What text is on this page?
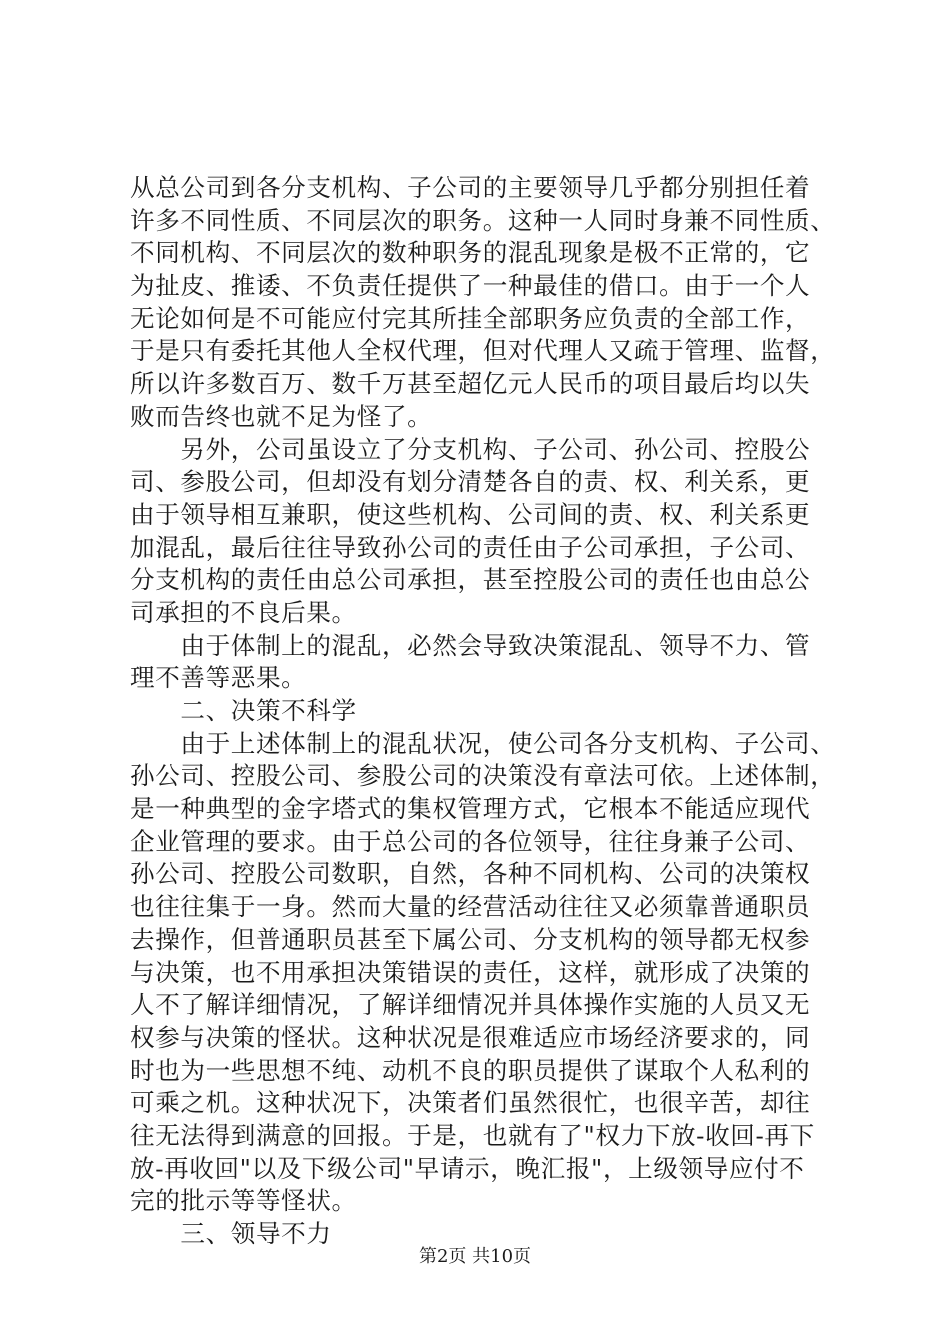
从总公司到各分支机构、子公司的主要领导几乎都分别担任着
许多不同性质、不同层次的职务。这种一人同时身兼不同性质、
不同机构、不同层次的数种职务的混乱现象是极不正常的，它
为扯皮、推诿、不负责任提供了一种最佳的借口。由于一个人
无论如何是不可能应付完其所挂全部职务应负责的全部工作，
于是只有委托其他人全权代理，但对代理人又疏于管理、监督，
所以许多数百万、数千万甚至超亿元人民币的项目最后均以失
败而告终也就不足为怪了。
　　另外，公司虽设立了分支机构、子公司、孙公司、控股公
司、参股公司，但却没有划分清楚各自的责、权、利关系，更
由于领导相互兼职，使这些机构、公司间的责、权、利关系更
加混乱，最后往往导致孙公司的责任由子公司承担，子公司、
分支机构的责任由总公司承担，甚至控股公司的责任也由总公
司承担的不良后果。
　　由于体制上的混乱，必然会导致决策混乱、领导不力、管
理不善等恶果。
　　二、决策不科学
　　由于上述体制上的混乱状况，使公司各分支机构、子公司、
孙公司、控股公司、参股公司的决策没有章法可依。上述体制，
是一种典型的金字塔式的集权管理方式，它根本不能适应现代
企业管理的要求。由于总公司的各位领导，往往身兼子公司、
孙公司、控股公司数职，自然，各种不同机构、公司的决策权
也往往集于一身。然而大量的经营活动往往又必须靠普通职员
去操作，但普通职员甚至下属公司、分支机构的领导都无权参
与决策，也不用承担决策错误的责任，这样，就形成了决策的
人不了解详细情况，了解详细情况并具体操作实施的人员又无
权参与决策的怪状。这种状况是很难适应市场经济要求的，同
时也为一些思想不纯、动机不良的职员提供了谋取个人私利的
可乘之机。这种状况下，决策者们虽然很忙，也很辛苦，却往
往无法得到满意的回报。于是，也就有了"权力下放-收回-再下
放-再收回"以及下级公司"早请示，晚汇报"，上级领导应付不
完的批示等等怪状。
　　三、领导不力
第2页 共10页
